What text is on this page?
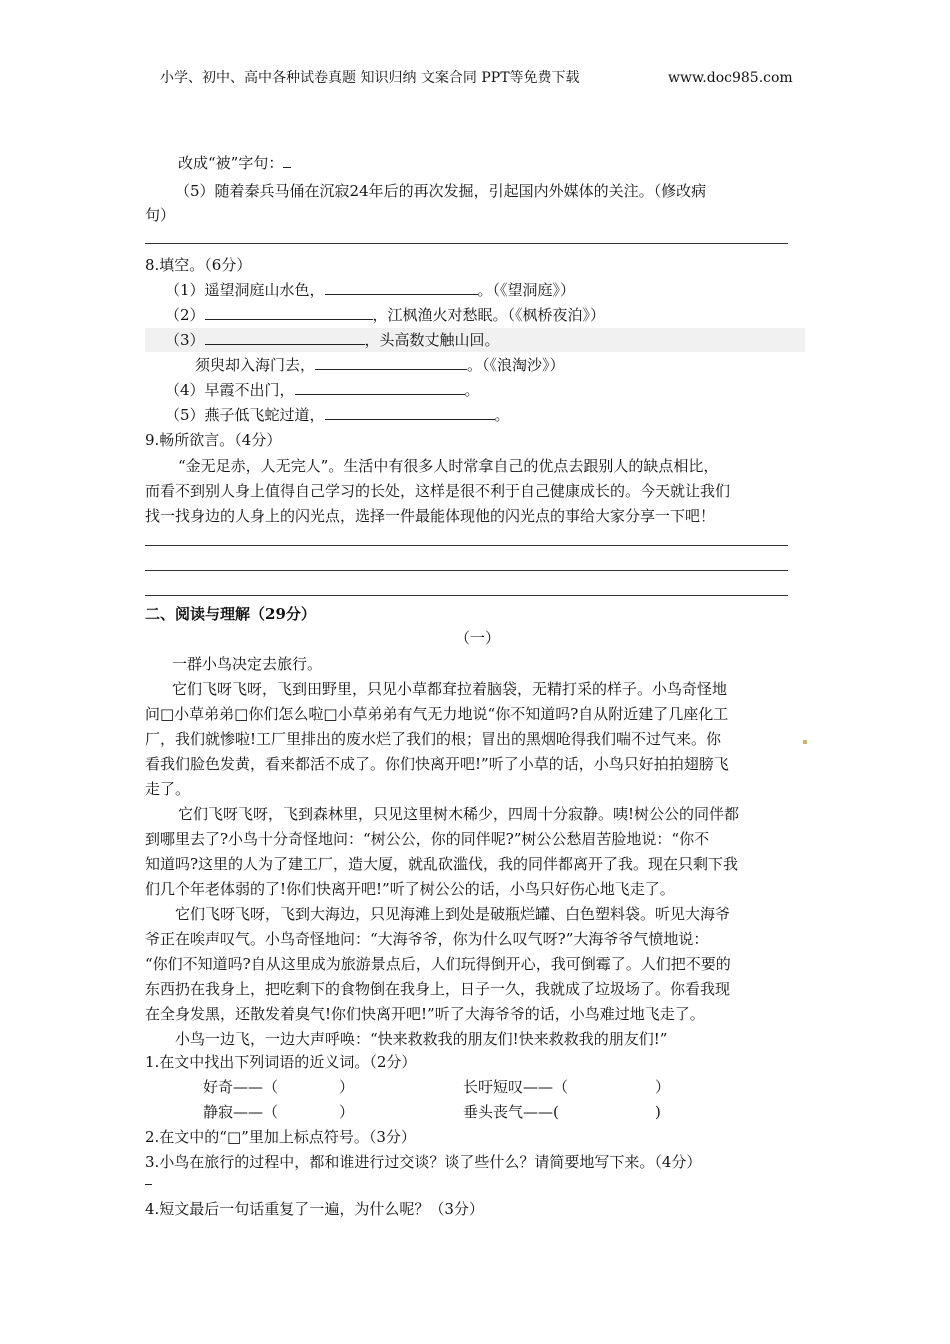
小学、初中、高中各种试卷真题 知识归纳 文案合同 PPT等免费下载	www.doc985.com
改成“被”字句：
（5）随着秦兵马俑在沉寂24年后的再次发掘，引起国内外媒体的关注。（修改病
句）
8.填空。（6分）
（1）遥望洞庭山水色，	。（《望洞庭》）
（2）	，江枫渔火对愁眠。（《枫桥夜泊》）
（3）	，头高数丈触山回。
须臾却入海门去，	。（《浪淘沙》）
（4）早霞不出门，	。
（5）燕子低飞蛇过道，	。
9.畅所欲言。（4分）
“金无足赤，人无完人”。生活中有很多人时常拿自己的优点去跟别人的缺点相比，
而看不到别人身上值得自己学习的长处，这样是很不利于自己健康成长的。今天就让我们
找一找身边的人身上的闪光点，选择一件最能体现他的闪光点的事给大家分享一下吧！
二、阅读与理解（29分）
（一）
一群小鸟决定去旅行。
它们飞呀飞呀，飞到田野里，只见小草都耷拉着脑袋，无精打采的样子。小鸟奇怪地
问□小草弟弟□你们怎么啦□小草弟弟有气无力地说“你不知道吗?自从附近建了几座化工
厂，我们就惨啦!工厂里排出的废水烂了我们的根；冒出的黑烟呛得我们喘不过气来。你
看我们脸色发黄，看来都活不成了。你们快离开吧!”听了小草的话，小鸟只好拍拍翅膀飞
走了。
它们飞呀飞呀，飞到森林里，只见这里树木稀少，四周十分寂静。咦!树公公的同伴都
到哪里去了?小鸟十分奇怪地问：“树公公，你的同伴呢?”树公公愁眉苦脸地说：“你不
知道吗?这里的人为了建工厂，造大厦，就乱砍滥伐，我的同伴都离开了我。现在只剩下我
们几个年老体弱的了!你们快离开吧!”听了树公公的话，小鸟只好伤心地飞走了。
它们飞呀飞呀，飞到大海边，只见海滩上到处是破瓶烂罐、白色塑料袋。听见大海爷
爷正在唉声叹气。小鸟奇怪地问：“大海爷爷，你为什么叹气呀?”大海爷爷气愤地说：
“你们不知道吗?自从这里成为旅游景点后，人们玩得倒开心，我可倒霉了。人们把不要的
东西扔在我身上，把吃剩下的食物倒在我身上，日子一久，我就成了垃圾场了。你看我现
在全身发黑，还散发着臭气!你们快离开吧!”听了大海爷爷的话，小鸟难过地飞走了。
小鸟一边飞，一边大声呼唤：“快来救救我的朋友们!快来救救我的朋友们!”
1.在文中找出下列词语的近义词。（2分）
好奇——（	）	长吁短叹——（	）
静寂——（	）	垂头丧气——(	)
2.在文中的“□”里加上标点符号。（3分）
3.小鸟在旅行的过程中，都和谁进行过交谈？谈了些什么？请简要地写下来。（4分）
4.短文最后一句话重复了一遍，为什么呢？（3分）
